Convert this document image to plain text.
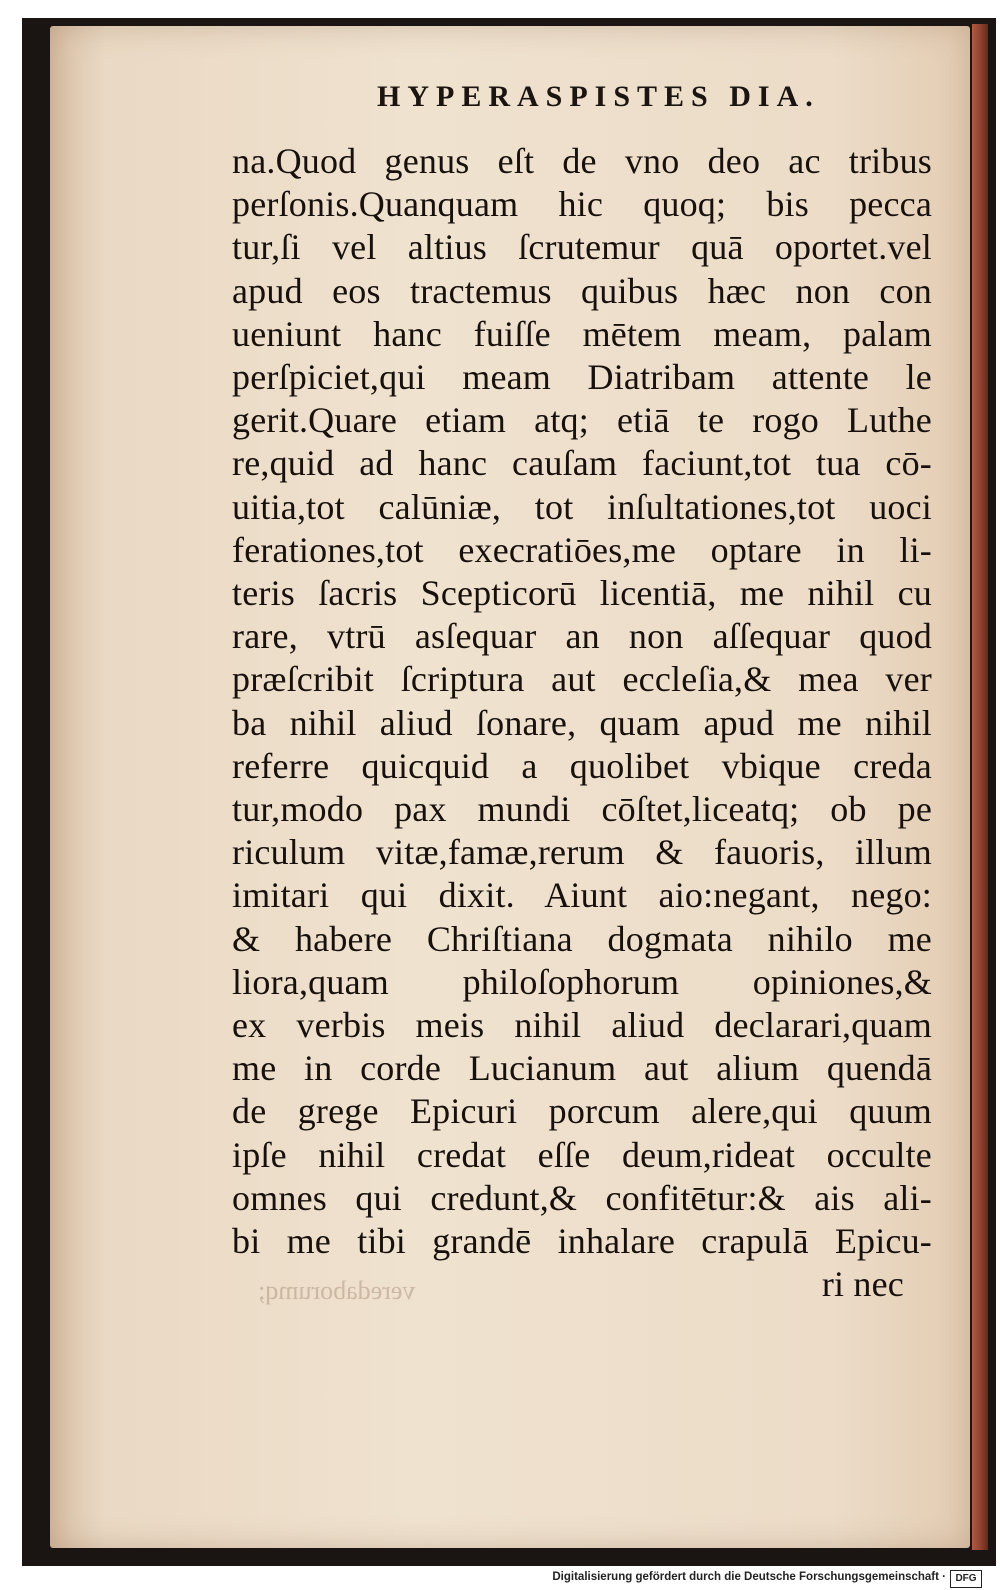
HYPERASPISTES DIA.
na.Quod genus eſt de vno deo ac tribus
perſonis.Quanquam hic quoq; bis pecca
tur,ſi vel altius ſcrutemur quā oportet.vel
apud eos tractemus quibus hæc non con
ueniunt hanc fuiſſe mētem meam, palam
perſpiciet,qui meam Diatribam attente le
gerit.Quare etiam atq; etiā te rogo Luthe
re,quid ad hanc cauſam faciunt,tot tua cō-
uitia,tot calūniæ, tot inſultationes,tot uoci
ferationes,tot execratiōes,me optare in li-
teris ſacris Scepticorū licentiā, me nihil cu
rare, vtrū asſequar an non aſſequar quod
præſcribit ſcriptura aut eccleſia,& mea ver
ba nihil aliud ſonare, quam apud me nihil
referre quicquid a quolibet vbique creda
tur,modo pax mundi cōſtet,liceatq; ob pe
riculum vitæ,famæ,rerum & fauoris, illum
imitari qui dixit. Aiunt aio:negant, nego:
& habere Chriſtiana dogmata nihilo me
liora,quam philoſophorum opiniones,&
ex verbis meis nihil aliud declarari,quam
me in corde Lucianum aut alium quendā
de grege Epicuri porcum alere,qui quum
ipſe nihil credat eſſe deum,rideat occulte
omnes qui credunt,& confitētur:& ais ali-
bi me tibi grandē inhalare crapulā Epicu-
ri nec
veredaborumq;
Digitalisierung gefördert durch die Deutsche Forschungsgemeinschaft · DFG
